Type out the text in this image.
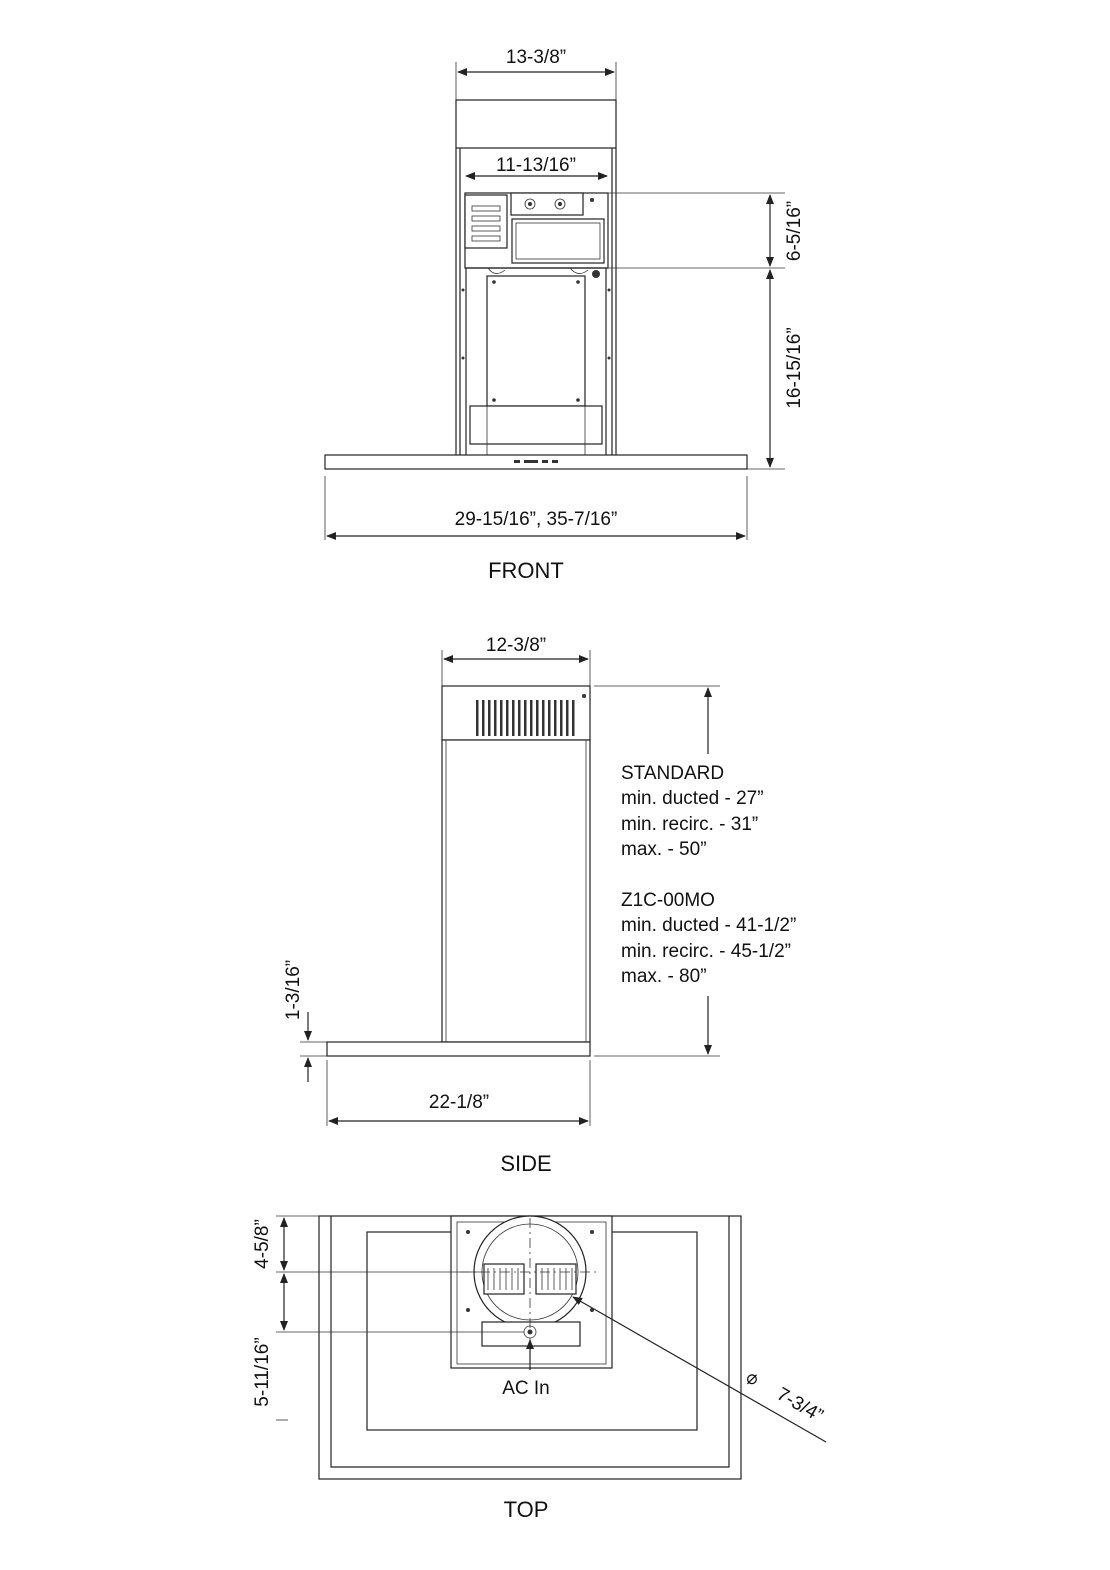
13-3/8”
11-13/16”
6-5/16”
16-15/16”
29-15/16”, 35-7/16”
FRONT
12-3/8”
STANDARD
min. ducted - 27”
min. recirc. - 31”
max. - 50”
Z1C-00MO
min. ducted - 41-1/2”
min. recirc. - 45-1/2”
max. - 80”
1-3/16”
22-1/8”
SIDE
AC In
4-5/8”
5-11/16”	⌀
7-3/4”
TOP
